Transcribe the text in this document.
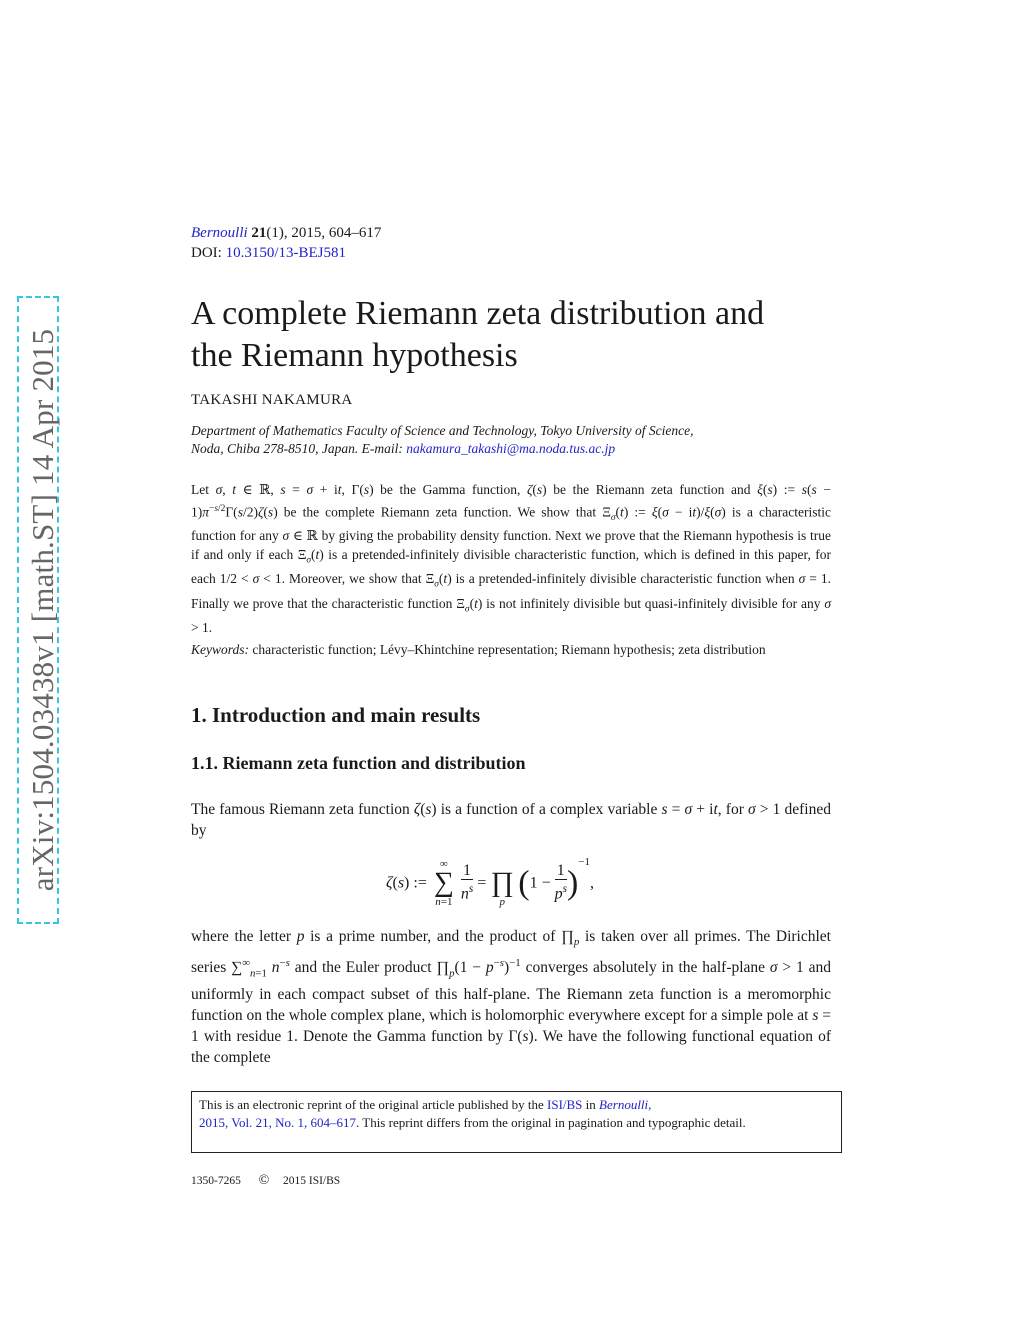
arXiv:1504.03438v1 [math.ST] 14 Apr 2015
Bernoulli 21(1), 2015, 604–617
DOI: 10.3150/13-BEJ581
A complete Riemann zeta distribution and
the Riemann hypothesis
TAKASHI NAKAMURA
Department of Mathematics Faculty of Science and Technology, Tokyo University of Science,
Noda, Chiba 278-8510, Japan. E-mail: nakamura_takashi@ma.noda.tus.ac.jp
Let σ, t ∈ ℝ, s = σ + it, Γ(s) be the Gamma function, ζ(s) be the Riemann zeta function and ξ(s) := $s(s - 1)\pi^{-s/2}\Gamma(s/2)\zeta(s)$ be the complete Riemann zeta function. We show that $\Xi_\sigma(t)$ := ξ(σ − it)/ξ(σ) is a characteristic function for any σ ∈ ℝ by giving the probability density function. Next we prove that the Riemann hypothesis is true if and only if each $\Xi_\sigma(t)$ is a pretended-infinitely divisible characteristic function, which is defined in this paper, for each 1/2 < σ < 1. Moreover, we show that $\Xi_\sigma(t)$ is a pretended-infinitely divisible characteristic function when σ = 1. Finally we prove that the characteristic function $\Xi_\sigma(t)$ is not infinitely divisible but quasi-infinitely divisible for any σ > 1.
Keywords: characteristic function; Lévy–Khintchine representation; Riemann hypothesis; zeta distribution
1. Introduction and main results
1.1. Riemann zeta function and distribution
The famous Riemann zeta function ζ(s) is a function of a complex variable s = σ + it, for σ > 1 defined by
ζ(s) :=
∞
∑
n=1
$\frac{1}{n^s}$ =
∏
p
$(1 - \frac{1}{p^s} )^{-1}$,
where the letter p is a prime number, and the product of $\prod_p$ is taken over all primes. The Dirichlet series $\sum^\infty_{n=1}$ $n^{-s}$ and the Euler product $\prod_p(1 - p^{-s})^{-1}$ converges absolutely in the half-plane σ > 1 and uniformly in each compact subset of this half-plane. The Riemann zeta function is a meromorphic function on the whole complex plane, which is holomorphic everywhere except for a simple pole at s = 1 with residue 1. Denote the Gamma function by Γ(s). We have the following functional equation of the complete
This is an electronic reprint of the original article published by the ISI/BS in Bernoulli,
2015, Vol. 21, No. 1, 604–617. This reprint differs from the original in pagination and typographic detail.
1350-7265 © 2015 ISI/BS
